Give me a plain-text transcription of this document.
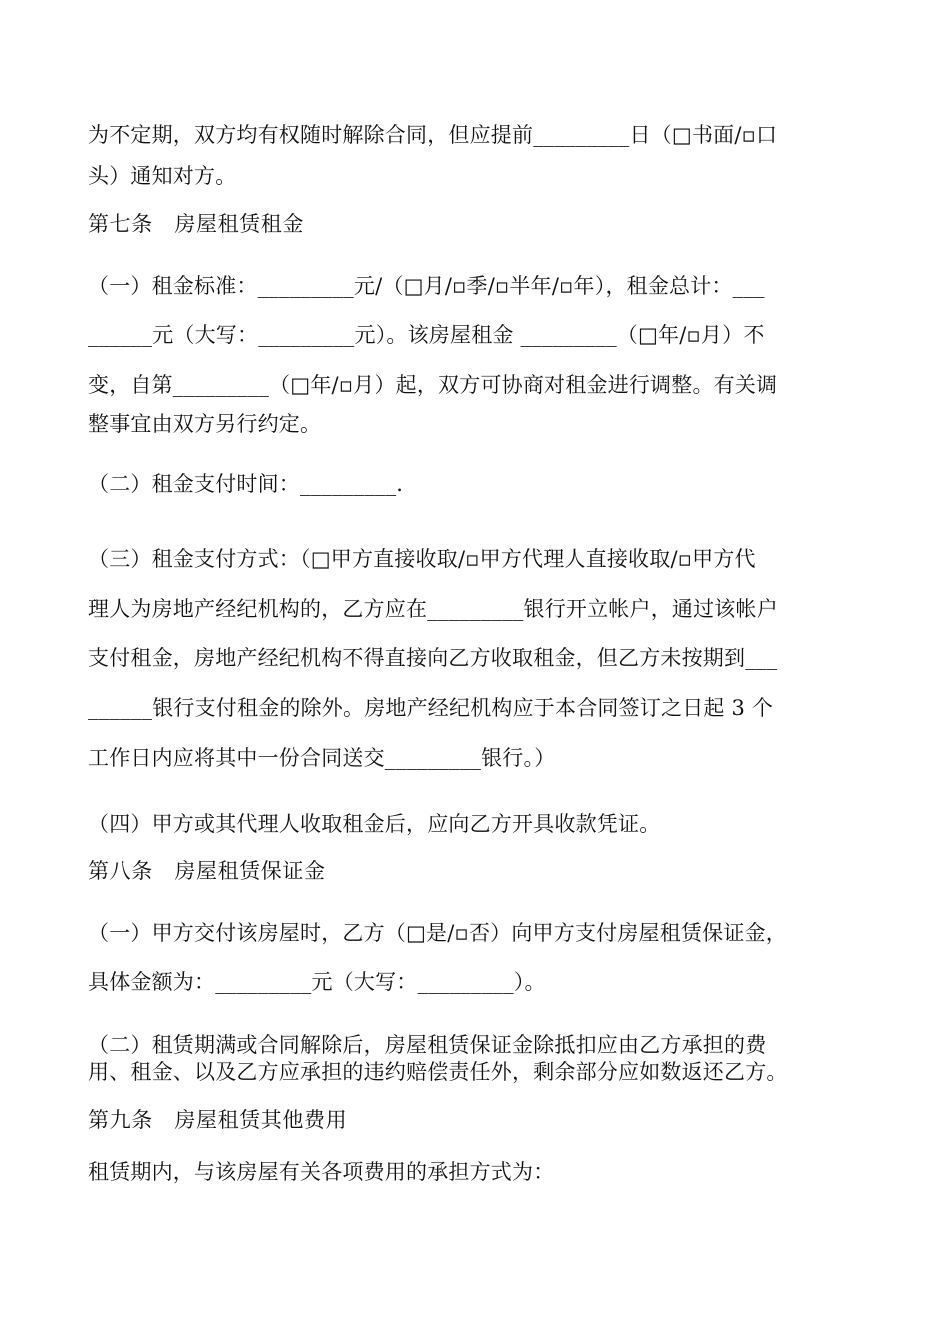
为不定期，双方均有权随时解除合同，但应提前_________日（□书面/▫口
头）通知对方。
第七条　房屋租赁租金
（一）租金标准：_________元/（□月/▫季/▫半年/▫年），租金总计：___
______元（大写：_________元）。该房屋租金 _________（□年/▫月）不
变，自第_________（□年/▫月）起，双方可协商对租金进行调整。有关调
整事宜由双方另行约定。
（二）租金支付时间：_________.
（三）租金支付方式：（□甲方直接收取/▫甲方代理人直接收取/▫甲方代
理人为房地产经纪机构的，乙方应在_________银行开立帐户，通过该帐户
支付租金，房地产经纪机构不得直接向乙方收取租金，但乙方未按期到___
______银行支付租金的除外。房地产经纪机构应于本合同签订之日起 3 个
工作日内应将其中一份合同送交_________银行。）
（四）甲方或其代理人收取租金后，应向乙方开具收款凭证。
第八条　房屋租赁保证金
（一）甲方交付该房屋时，乙方（□是/▫否）向甲方支付房屋租赁保证金，
具体金额为：_________元（大写：_________）。
（二）租赁期满或合同解除后，房屋租赁保证金除抵扣应由乙方承担的费
用、租金、以及乙方应承担的违约赔偿责任外，剩余部分应如数返还乙方。
第九条　房屋租赁其他费用
租赁期内，与该房屋有关各项费用的承担方式为：
